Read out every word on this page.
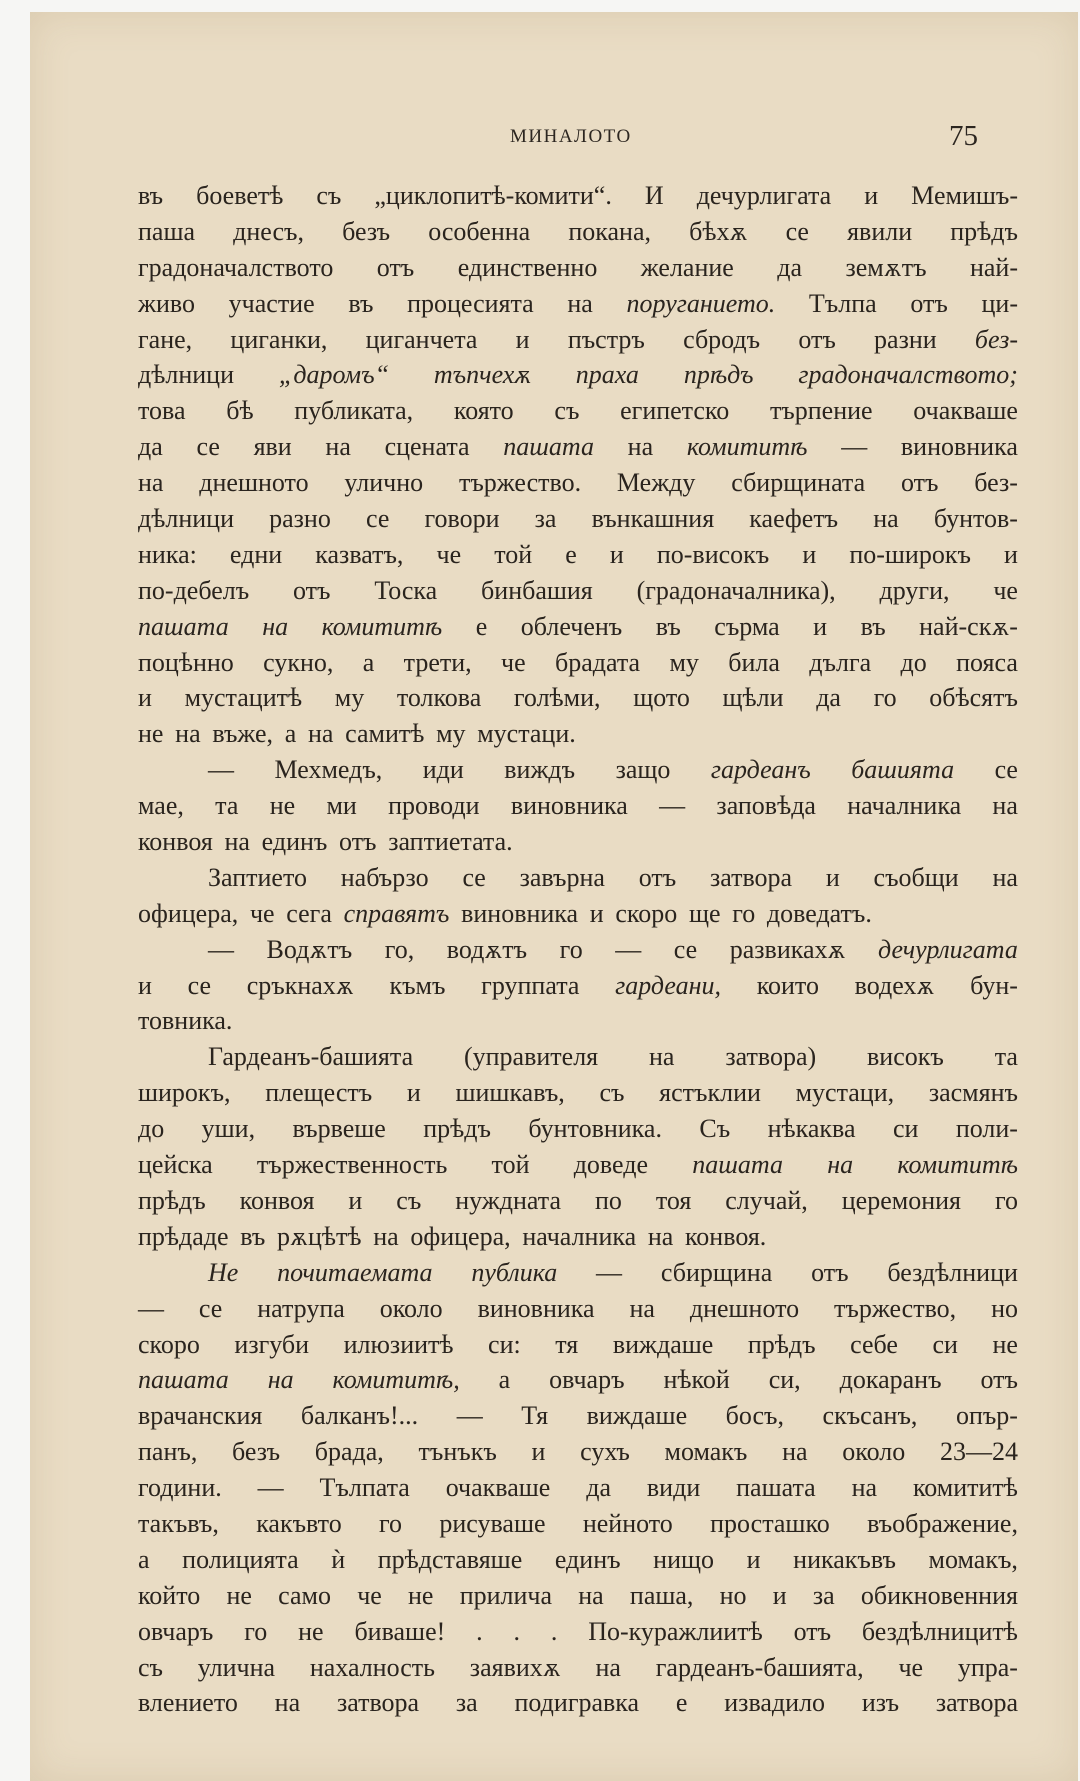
МИНАЛОТО	75
въ боеветѣ съ „циклопитѣ-комити“. И дечурлигата и Мемишъ-
паша днесъ, безъ особенна покана, бѣхѫ се явили прѣдъ
градоначалството отъ единственно желание да земѫтъ най-
живо участие въ процесията на поруганието. Тълпа отъ ци-
гане, циганки, циганчета и пъстръ сбродъ отъ разни без-
дѣлници „даромъ“ тъпчехѫ праха прѣдъ градоначалството;
това бѣ публиката, която съ египетско търпение очакваше
да се яви на сцената пашата на комититѣ — виновника
на днешното улично тържество. Между сбирщината отъ без-
дѣлници разно се говори за вънкашния каефетъ на бунтов-
ника: едни казватъ, че той е и по-високъ и по-широкъ и
по-дебелъ отъ Тоска бинбашия (градоначалника), други, че
пашата на комититѣ е облеченъ въ сърма и въ най-скѫ-
поцѣнно сукно, а трети, че брадата му била дълга до пояса
и мустацитѣ му толкова голѣми, щото щѣли да го обѣсятъ
не на въже, а на самитѣ му мустаци.
— Мехмедъ, иди виждъ защо гардеанъ башията се
мае, та не ми проводи виновника — заповѣда началника на
конвоя на единъ отъ заптиетата.
Заптието набързо се завърна отъ затвора и съобщи на
офицера, че сега справятъ виновника и скоро ще го доведатъ.
— Водѫтъ го, водѫтъ го — се развикахѫ дечурлигата
и се сръкнахѫ къмъ группата гардеани, които водехѫ бун-
товника.
Гардеанъ-башията (управителя на затвора) високъ та
широкъ, плещестъ и шишкавъ, съ ястъклии мустаци, засмянъ
до уши, вървеше прѣдъ бунтовника. Съ нѣкаква си поли-
цейска тържественность той доведе пашата на комититѣ
прѣдъ конвоя и съ нуждната по тоя случай, церемония го
прѣдаде въ рѫцѣтѣ на офицера, началника на конвоя.
Не почитаемата публика — сбирщина отъ бездѣлници
— се натрупа около виновника на днешното тържество, но
скоро изгуби илюзиитѣ си: тя виждаше прѣдъ себе си не
пашата на комититѣ, а овчаръ нѣкой си, докаранъ отъ
врачанския балканъ!... — Тя виждаше босъ, скъсанъ, опър-
панъ, безъ брада, тънъкъ и сухъ момакъ на около 23—24
години. — Тълпата очакваше да види пашата на комититѣ
такъвъ, какъвто го рисуваше нейното просташко въображение,
а полицията ѝ прѣдставяше единъ нищо и никакъвъ момакъ,
който не само че не прилича на паша, но и за обикновенния
овчаръ го не биваше! . . . По-куражлиитѣ отъ бездѣлницитѣ
съ улична нахалность заявихѫ на гардеанъ-башията, че упра-
влението на затвора за подигравка е извадило изъ затвора
